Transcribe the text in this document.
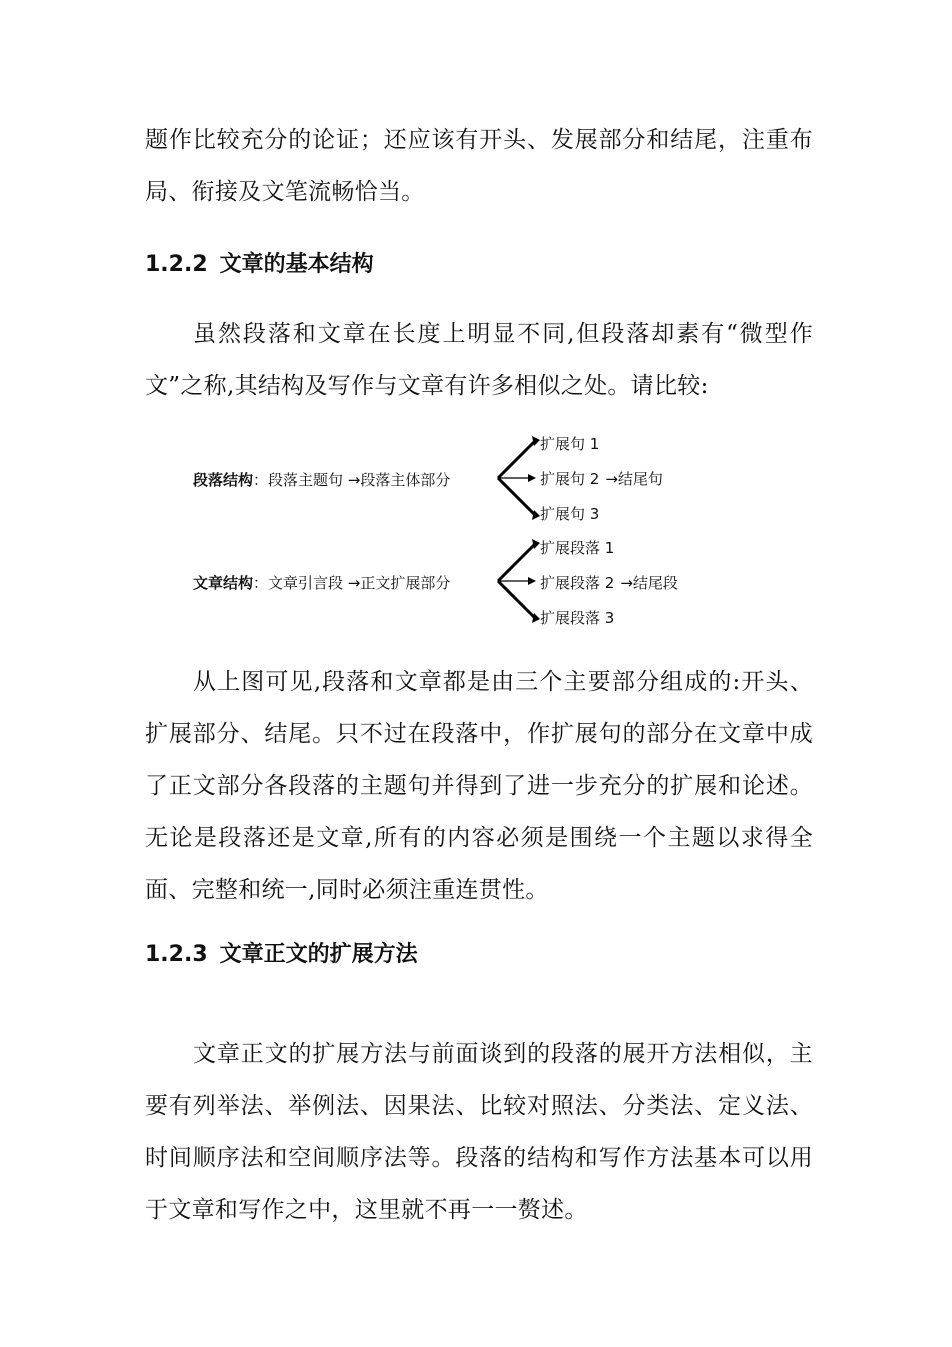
题作比较充分的论证；还应该有开头、发展部分和结尾，注重布局、衔接及文笔流畅恰当。

1.2.2 文章的基本结构

虽然段落和文章在长度上明显不同,但段落却素有“微型作文”之称,其结构及写作与文章有许多相似之处。请比较:

段落结构：段落主题句 →段落主体部分
扩展句 1
扩展句 2 →结尾句
扩展句 3
文章结构：文章引言段 →正文扩展部分
扩展段落 1
扩展段落 2 →结尾段
扩展段落 3

从上图可见,段落和文章都是由三个主要部分组成的:开头、扩展部分、结尾。只不过在段落中，作扩展句的部分在文章中成了正文部分各段落的主题句并得到了进一步充分的扩展和论述。无论是段落还是文章,所有的内容必须是围绕一个主题以求得全面、完整和统一,同时必须注重连贯性。

1.2.3 文章正文的扩展方法

文章正文的扩展方法与前面谈到的段落的展开方法相似，主要有列举法、举例法、因果法、比较对照法、分类法、定义法、时间顺序法和空间顺序法等。段落的结构和写作方法基本可以用于文章和写作之中，这里就不再一一赘述。
